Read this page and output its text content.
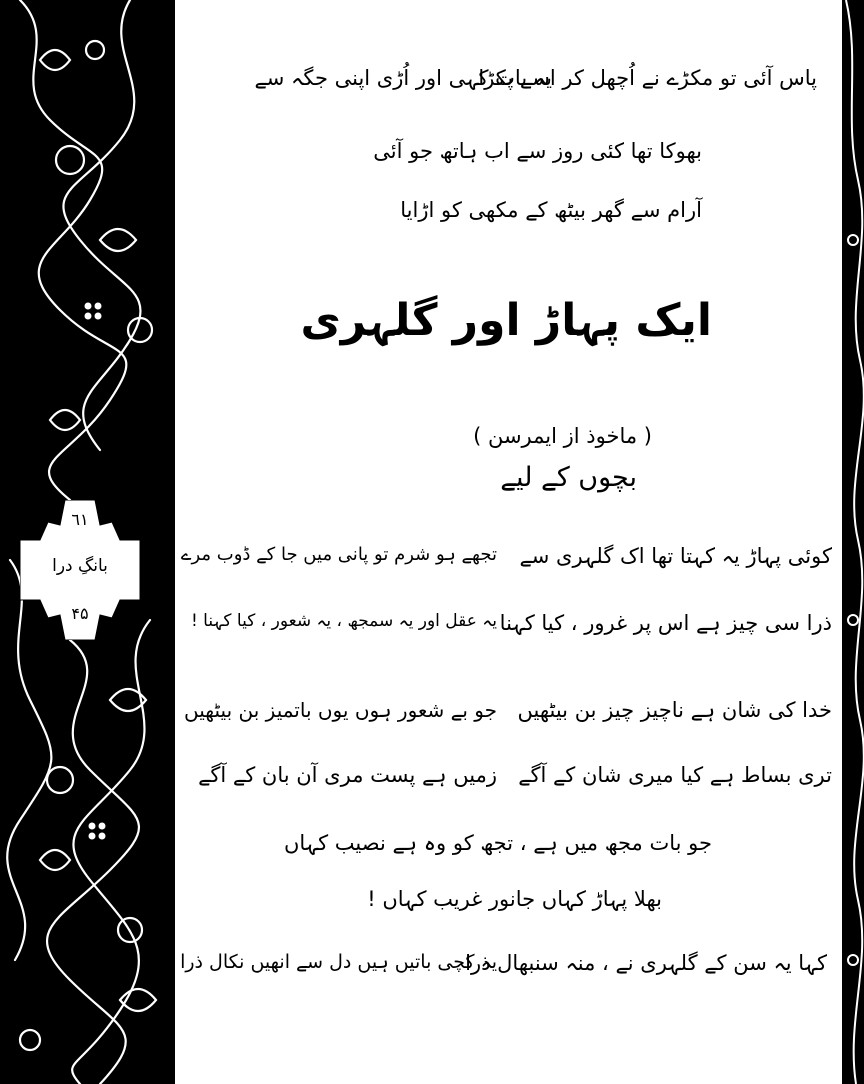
٦١
بانگِ درا
۴۵
یہ بات کہی اور اُڑی اپنی جگہ سے
پاس آئی تو مکڑے نے اُچھل کر اسے پکڑا
بھوکا تھا کئی روز سے اب ہاتھ جو آئی
آرام سے گھر بیٹھ کے مکھی کو اڑایا
ایک پہاڑ اور گلہری
( ماخوذ از ایمرسن )
بچوں کے لیے
کوئی پہاڑ یہ کہتا تھا اک گلہری سے
تجھے ہو شرم تو پانی میں جا کے ڈوب مرے
ذرا سی چیز ہے اس پر غرور ، کیا کہنا
یہ عقل اور یہ سمجھ ، یہ شعور ، کیا کہنا !
خدا کی شان ہے ناچیز چیز بن بیٹھیں
جو بے شعور ہوں یوں باتمیز بن بیٹھیں
تری بساط ہے کیا میری شان کے آگے
زمیں ہے پست مری آن بان کے آگے
جو بات مجھ میں ہے ، تجھ کو وہ ہے نصیب کہاں
بھلا پہاڑ کہاں جانور غریب کہاں !
کہا یہ سن کے گلہری نے ، منہ سنبھال ذرا
یہ کچی باتیں ہیں دل سے انھیں نکال ذرا
